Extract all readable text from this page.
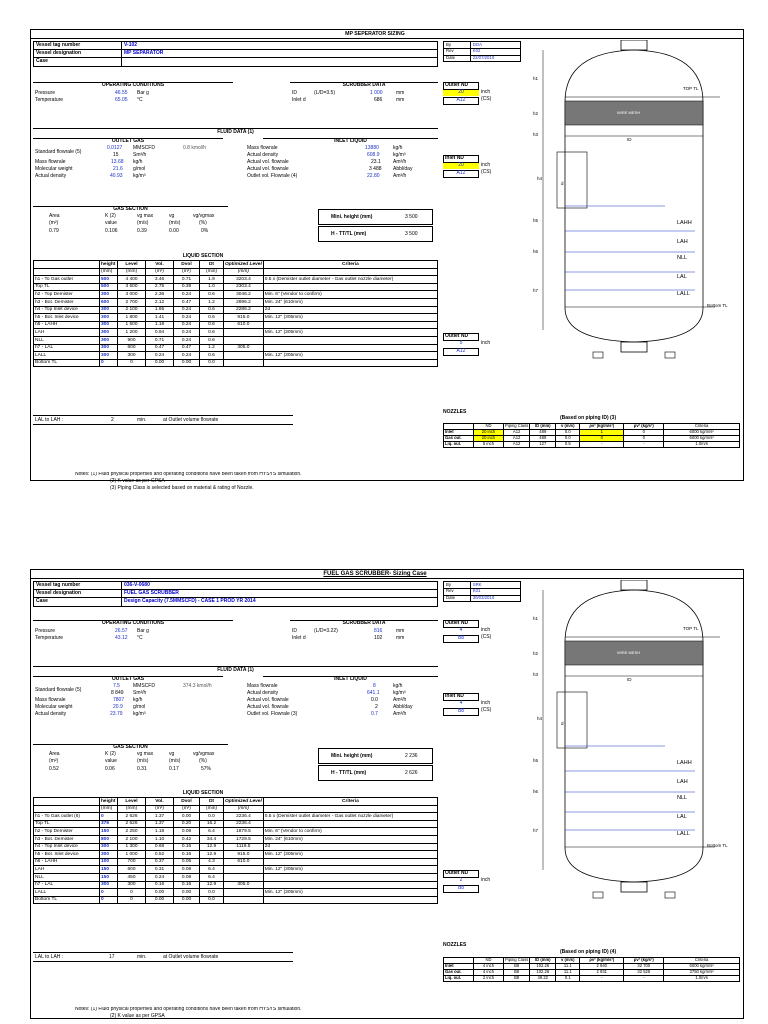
MP SEPERATOR SIZING
Vessel tag number	V-102
Vessel designation	MP SEPARATOR
Case
By	DOA
Rev	K02
Date	22/07/2010
OPERATING CONDITIONS
Pressure	46.55 Bar g
Temperature	65.05 °C
SCRUBBER DATA
ID	(L/D=3.5)	1 000	mm
Inlet d	686	mm
Outlet ND
20	inch
A12	(CS)
FLUID DATA (1)
OUTLET GAS	INLET LIQUID
Standard flowrale (5)
0.0127 MMSCFD	0.8 kmol/h
15	Sm³/h
Mass flowrale	13.68 kg/h
Molecular weight	21.6 g/mol
Actual density	40.93 kg/m³
Mass flowrale	13880	kg/h
Actual density	608.9	kg/m³
Actual vol. flowrale	23.1 Am³/h
Actual vol. flowrale	3 488 Abbl/day
Outlet vol. Flowrale (4)	22.80	Am³/h
Inlet ND
20	inch
A12	(CS)
GAS SECTION
Area	K (2)	vg max	vg	vg/vgmax
(m²)	value	(m/s)	(m/s)	(%)
0.79	0.106	0.39	0.00	0%
Mini. height (mm)	3 500
H - TT/TL (mm)	3 500
LIQUID SECTION
	height	Level	Vol.	Dvol	Dt	Optimized Level	Criteria
	(mm)	(mm)	(m³)	(m³)	(min)	(mm)	
h1 - To Gas outlet	500	4 400	3.46	0.71	1.9	3203.4	0.5 x (Demister outlet diameter - Gas outlet nozzle diameter)
Top TL	500	3 500	2.75	0.39	1.0	2303.4	
h2 - Top Demister	300	3 000	2.36	0.24	0.6	3046.2	Min. 6" (Vendor to confirm)
h3 - Bot. Demister	600	2 700	2.12	0.47	1.2	2896.2	Min. 24" (610mm)
h4 - Top Inlet device	300	2 100	1.65	0.24	0.6	2286.2	2d
h5 - Bot. Inlet device	300	1 800	1.41	0.24	0.6	915.0	Min. 12" (305mm)
h6 - LAHH	300	1 500	1.18	0.24	0.6	610.0	
LAH	300	1 200	0.94	0.24	0.6		Min. 12" (305mm)
NLL	300	900	0.71	0.24	0.6		
h7 - LAL	300	600	0.47	0.47	1.2	305.0	
LALL	300	300	0.24	0.24	0.6		Min. 12" (305mm)
Bottom TL	0	0	0.00	0.00	0.0		
Outlet ND
5	inch
A12
LAL to LAH :	2	min.	at Outlet volume flowrate
NOZZLES
(Based on piping ID) (3)
	ND	Piping Class	ID (mm)	v (m/s)	ρv² (kg/m/s²)	ρv² (kg/s²)	Criteria
Inlet	20 inch	A12	489	0.0	1	0	6000 kg/m/s²
Gas oul.	20 inch	A12	489	0.0	0	0	6000 kg/m/s²
Liq. oul.	5 inch	A12	127	0.5	-	-	1.0m/s
Notes: (1) Fluid physical properties and operating conditions have been taken from HYSYS simulation.
(2) K value as per GPSA
(3) Piping Class is selected based on material & rating of Nozzle.
h1
h2
h3
h4
h5
h6
h7
TOP TL
Bottom TL
WIRE MESH
ID
d
LAHH
LAH
NLL
LAL
LALL
FUEL GAS SCRUBBER- Sizing Case
Vessel tag number	036-V-0680
Vessel designation	FUEL GAS SCRUBBER
Case	Design Capacity (7.5MMSCFD) - CASE 1 PROD YR 2014
By	SRK
Rev	K01
Date	30/03/2010
OPERATING CONDITIONS
Pressure	26.57 Bar g
Temperature	43.12 °C
SCRUBBER DATA
ID	(L/D=3.22)	816	mm
Inlet d	102	mm
Outlet ND
4	inch
B8	(CS)
FLUID DATA (1)
OUTLET GAS	INLET LIQUID
Standard flowrale (5)
7.5	MMSCFD	374.3 kmol/h
8 849 Sm³/h
Mass flowrale	7807 kg/h
Molecular weight	20.9 g/mol
Actual density	23.79 kg/m³
Mass flowrale	8	kg/h
Actual density	641.1	kg/m³
Actual vol. flowrale	0.0	Am³/h
Actual vol. flowrale	2	Abbl/day
Outlet vol. Flowrale (3)	0.7	Am³/h
Inlet ND
4	inch
B8	(CS)
GAS SECTION
Area	K (2)	vg max	vg	vg/vgmax
(m²)	value	(m/s)	(m/s)	(%)
0.52	0.06	0.31	0.17	57%
Mini. height (mm)	2 236
H - TT/TL (mm)	2 626
LIQUID SECTION
	height	Level	Vol.	Dvol	Dt	Optimized Level	Criteria
	(mm)	(mm)	(m³)	(m³)	(min)	(mm)	
h1 - To Gas outlet (6)	0	2 626	1.37	0.00	0.0	2236.4	0.5 x (Demister outlet diameter - Gas outlet nozzle diameter)
Top TL	376	2 626	1.37	0.20	16.2	2236.4	
h2 - Top Demister	150	2 250	1.18	0.08	6.4	1879.5	Min. 6" (Vendor to confirm)
h3 - Bot. Demister	800	2 100	1.10	0.42	34.4	1729.5	Min. 24" (610mm)
h4 - Top Inlet device	300	1 300	0.68	0.16	12.9	1119.5	2d
h5 - Bot. Inlet device	300	1 000	0.52	0.16	12.9	915.0	Min. 12" (305mm)
h6 - LAHH	100	700	0.37	0.05	4.3	610.0	
LAH	150	600	0.31	0.08	6.4		Min. 12" (305mm)
NLL	150	450	0.24	0.08	6.4		
h7 - LAL	300	300	0.16	0.16	12.9	305.0	
LALL	0	0	0.00	0.00	0.0		Min. 12" (305mm)
Bottom TL	0	0	0.00	0.00	0.0		
Outlet ND
2	inch
B8
LAL to LAH :	17	min.	at Outlet volume flowrate
NOZZLES
(Based on piping ID) (4)
	ND	Piping Class	ID (mm)	v (m/s)	ρv² (kg/m/s²)	ρv² (kg/s²)	Criteria
Inlet	4 inch	B8	102.26	11.1	2 940	32 700	6000 kg/m/s²
Gas oul.	4 inch	B8	102.26	11.1	2 931	32 528	3750 kg/m/s²
Liq. oul.	2 inch	B8	49.22	0.1	-	-	1.0m/s
Notes: (1) Fluid physical properties and operating conditions have been taken from HYSYS simulation.
(2) K value as per GPSA
h1
h2
h3
h4
h5
h6
h7
TOP TL
Bottom TL
WIRE MESH
ID
d
LAHH
LAH
NLL
LAL
LALL
